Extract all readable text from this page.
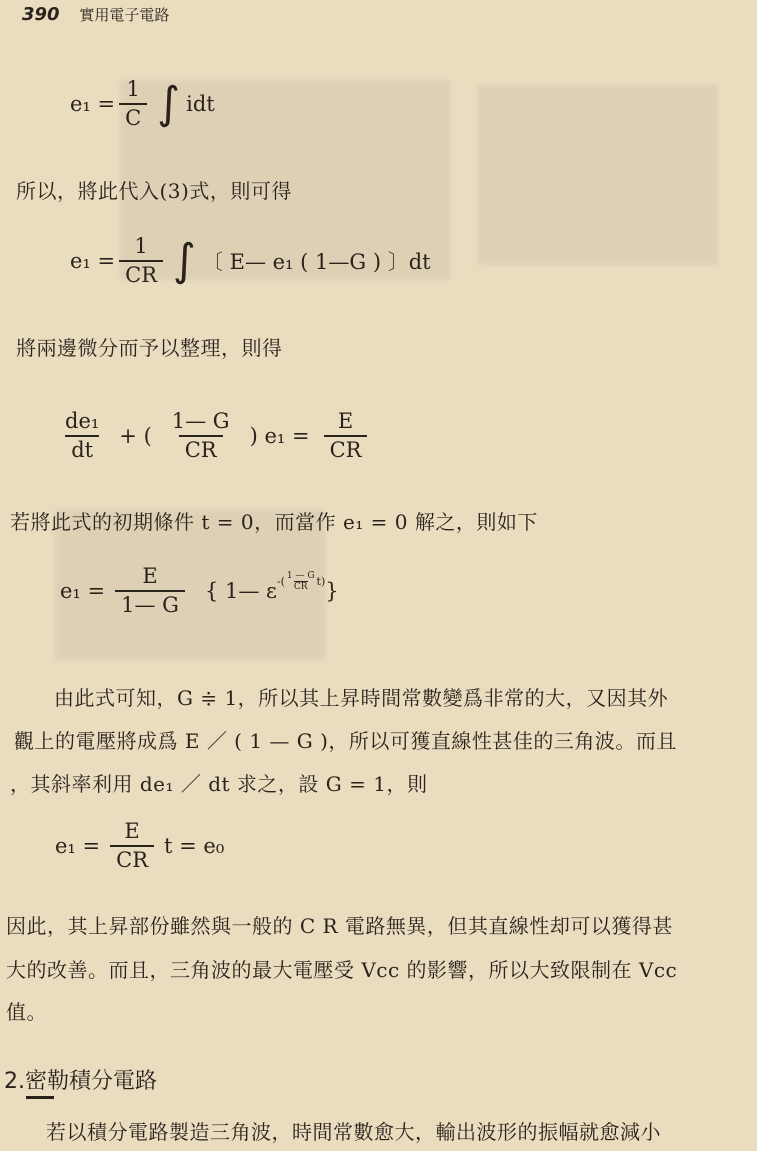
390 實用電子電路
$e_1 = \frac{1}{C}$ ∫ idt
所以，將此代入(3)式，則可得
$e_1 = \frac{1}{CR}$ ∫ 〔 E— e₁ ( 1—G ) 〕dt
將兩邊微分而予以整理，則得
$\frac{\text{de₁}}{dt}$ + ( $\frac{1— G}{CR}$ ) $e_1 = \frac{E}{CR}$
若將此式的初期條件 t = 0，而當作 e₁ = 0 解之，則如下
$e_1 = \frac{E}{1— G}$ { 1— ε -( $\frac{1 — G}{CR} t$) }
由此式可知，G ≑ 1，所以其上昇時間常數變爲非常的大，又因其外
觀上的電壓將成爲 E ／ ( 1 — G )，所以可獲直線性甚佳的三角波。而且
，其斜率利用 de₁ ／ dt 求之，設 G = 1，則
$e_1 = \frac{E}{CR}$ t = e₀
因此，其上昇部份雖然與一般的 C R 電路無異，但其直線性却可以獲得甚
大的改善。而且，三角波的最大電壓受 Vcc 的影響，所以大致限制在 Vcc
值。
2.密勒積分電路
若以積分電路製造三角波，時間常數愈大，輸出波形的振幅就愈減小
